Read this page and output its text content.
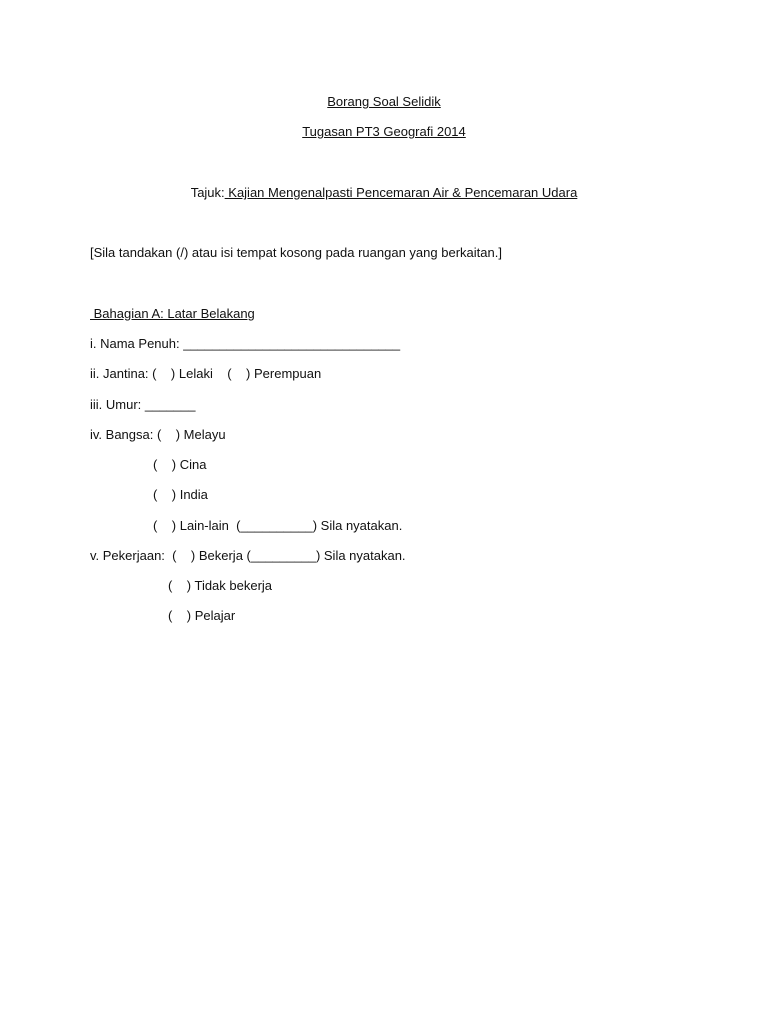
Borang Soal Selidik
Tugasan PT3 Geografi 2014
Tajuk: Kajian Mengenalpasti Pencemaran Air & Pencemaran Udara
[Sila tandakan (/) atau isi tempat kosong pada ruangan yang berkaitan.]
Bahagian A: Latar Belakang
i. Nama Penuh: ______________________________
ii. Jantina: (    ) Lelaki    (    ) Perempuan
iii. Umur: _______
iv. Bangsa: (    ) Melayu
(    ) Cina
(    ) India
(    ) Lain-lain  (__________) Sila nyatakan.
v. Pekerjaan:  (    ) Bekerja (_________) Sila nyatakan.
(    ) Tidak bekerja
(    ) Pelajar
